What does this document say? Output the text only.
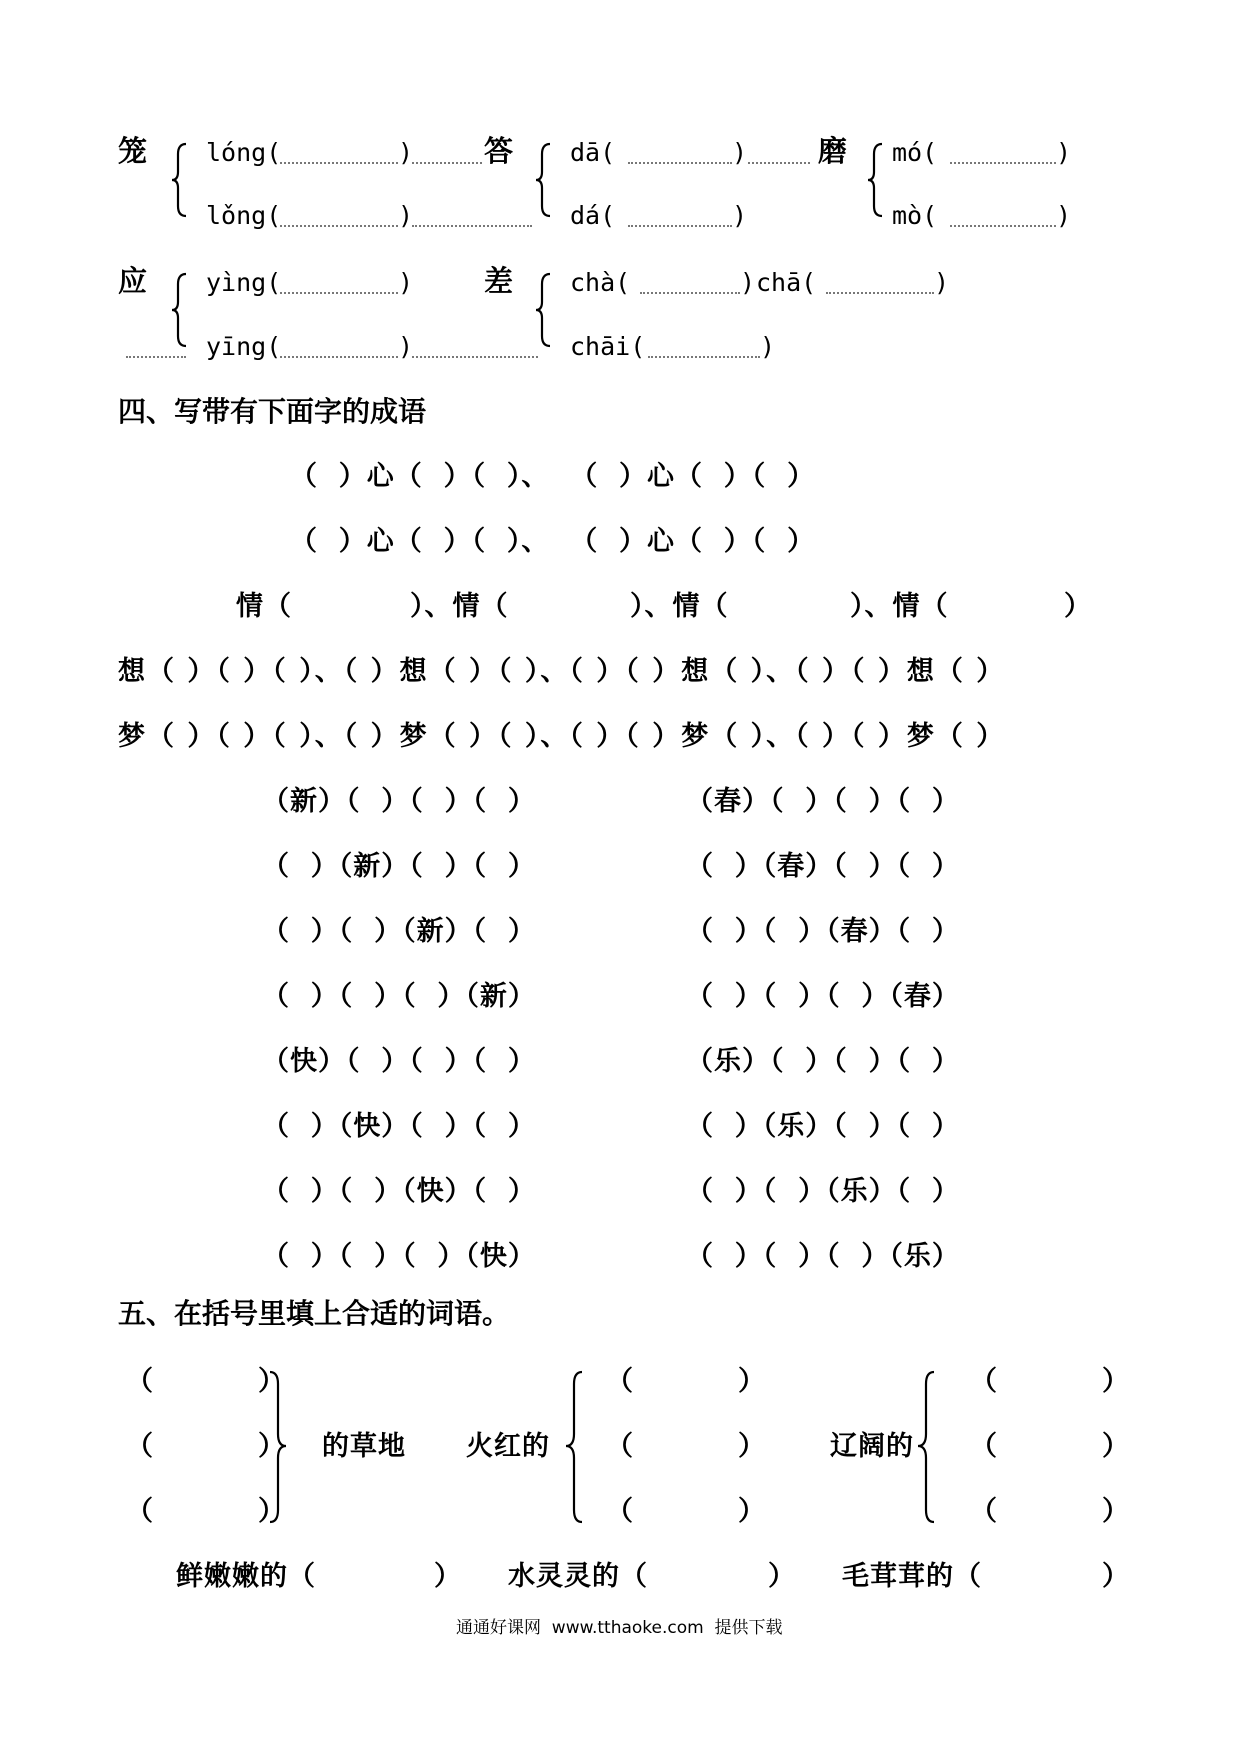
笼 lóng(	)
lǒng(	)
答 dā(	)
dá(	)
磨 mó(	)
mò(	)
应 yìng(	)
yīng(	)
差 chà(	) chā(	)
chāi(	)
四、写带有下面字的成语
（  ）心（  ）（  ）、  （  ）心（  ）（  ）
（  ）心（  ）（  ）、  （  ）心（  ）（  ）
情（	）、情（	）、情（	）、情（	）
想（ ）（ ）（ ）、（ ）想（ ）（ ）、（ ）（ ）想（ ）、（ ）（ ）想（ ）
梦（ ）（ ）（ ）、（ ）梦（ ）（ ）、（ ）（ ）梦（ ）、（ ）（ ）梦（ ）
（新）（  ）（  ）（  ）
（  ）（新）（  ）（  ）
（  ）（  ）（新）（  ）
（  ）（  ）（  ）（新）
（快）（  ）（  ）（  ）
（  ）（快）（  ）（  ）
（  ）（  ）（快）（  ）
（  ）（  ）（  ）（快）
（春）（  ）（  ）（  ）
（  ）（春）（  ）（  ）
（  ）（  ）（春）（  ）
（  ）（  ）（  ）（春）
（乐）（  ）（  ）（  ）
（  ）（乐）（  ）（  ）
（  ）（  ）（乐）（  ）
（  ）（  ）（  ）（乐）
五、在括号里填上合适的词语。
（          ）
（          ）
（          ）
的草地 火红的
（          ）
（          ）
（          ）
辽阔的
（          ）
（          ）
（          ）
鲜嫩嫩的（	） 水灵灵的（	） 毛茸茸的（	）
通通好课网  www.tthaoke.com  提供下载
